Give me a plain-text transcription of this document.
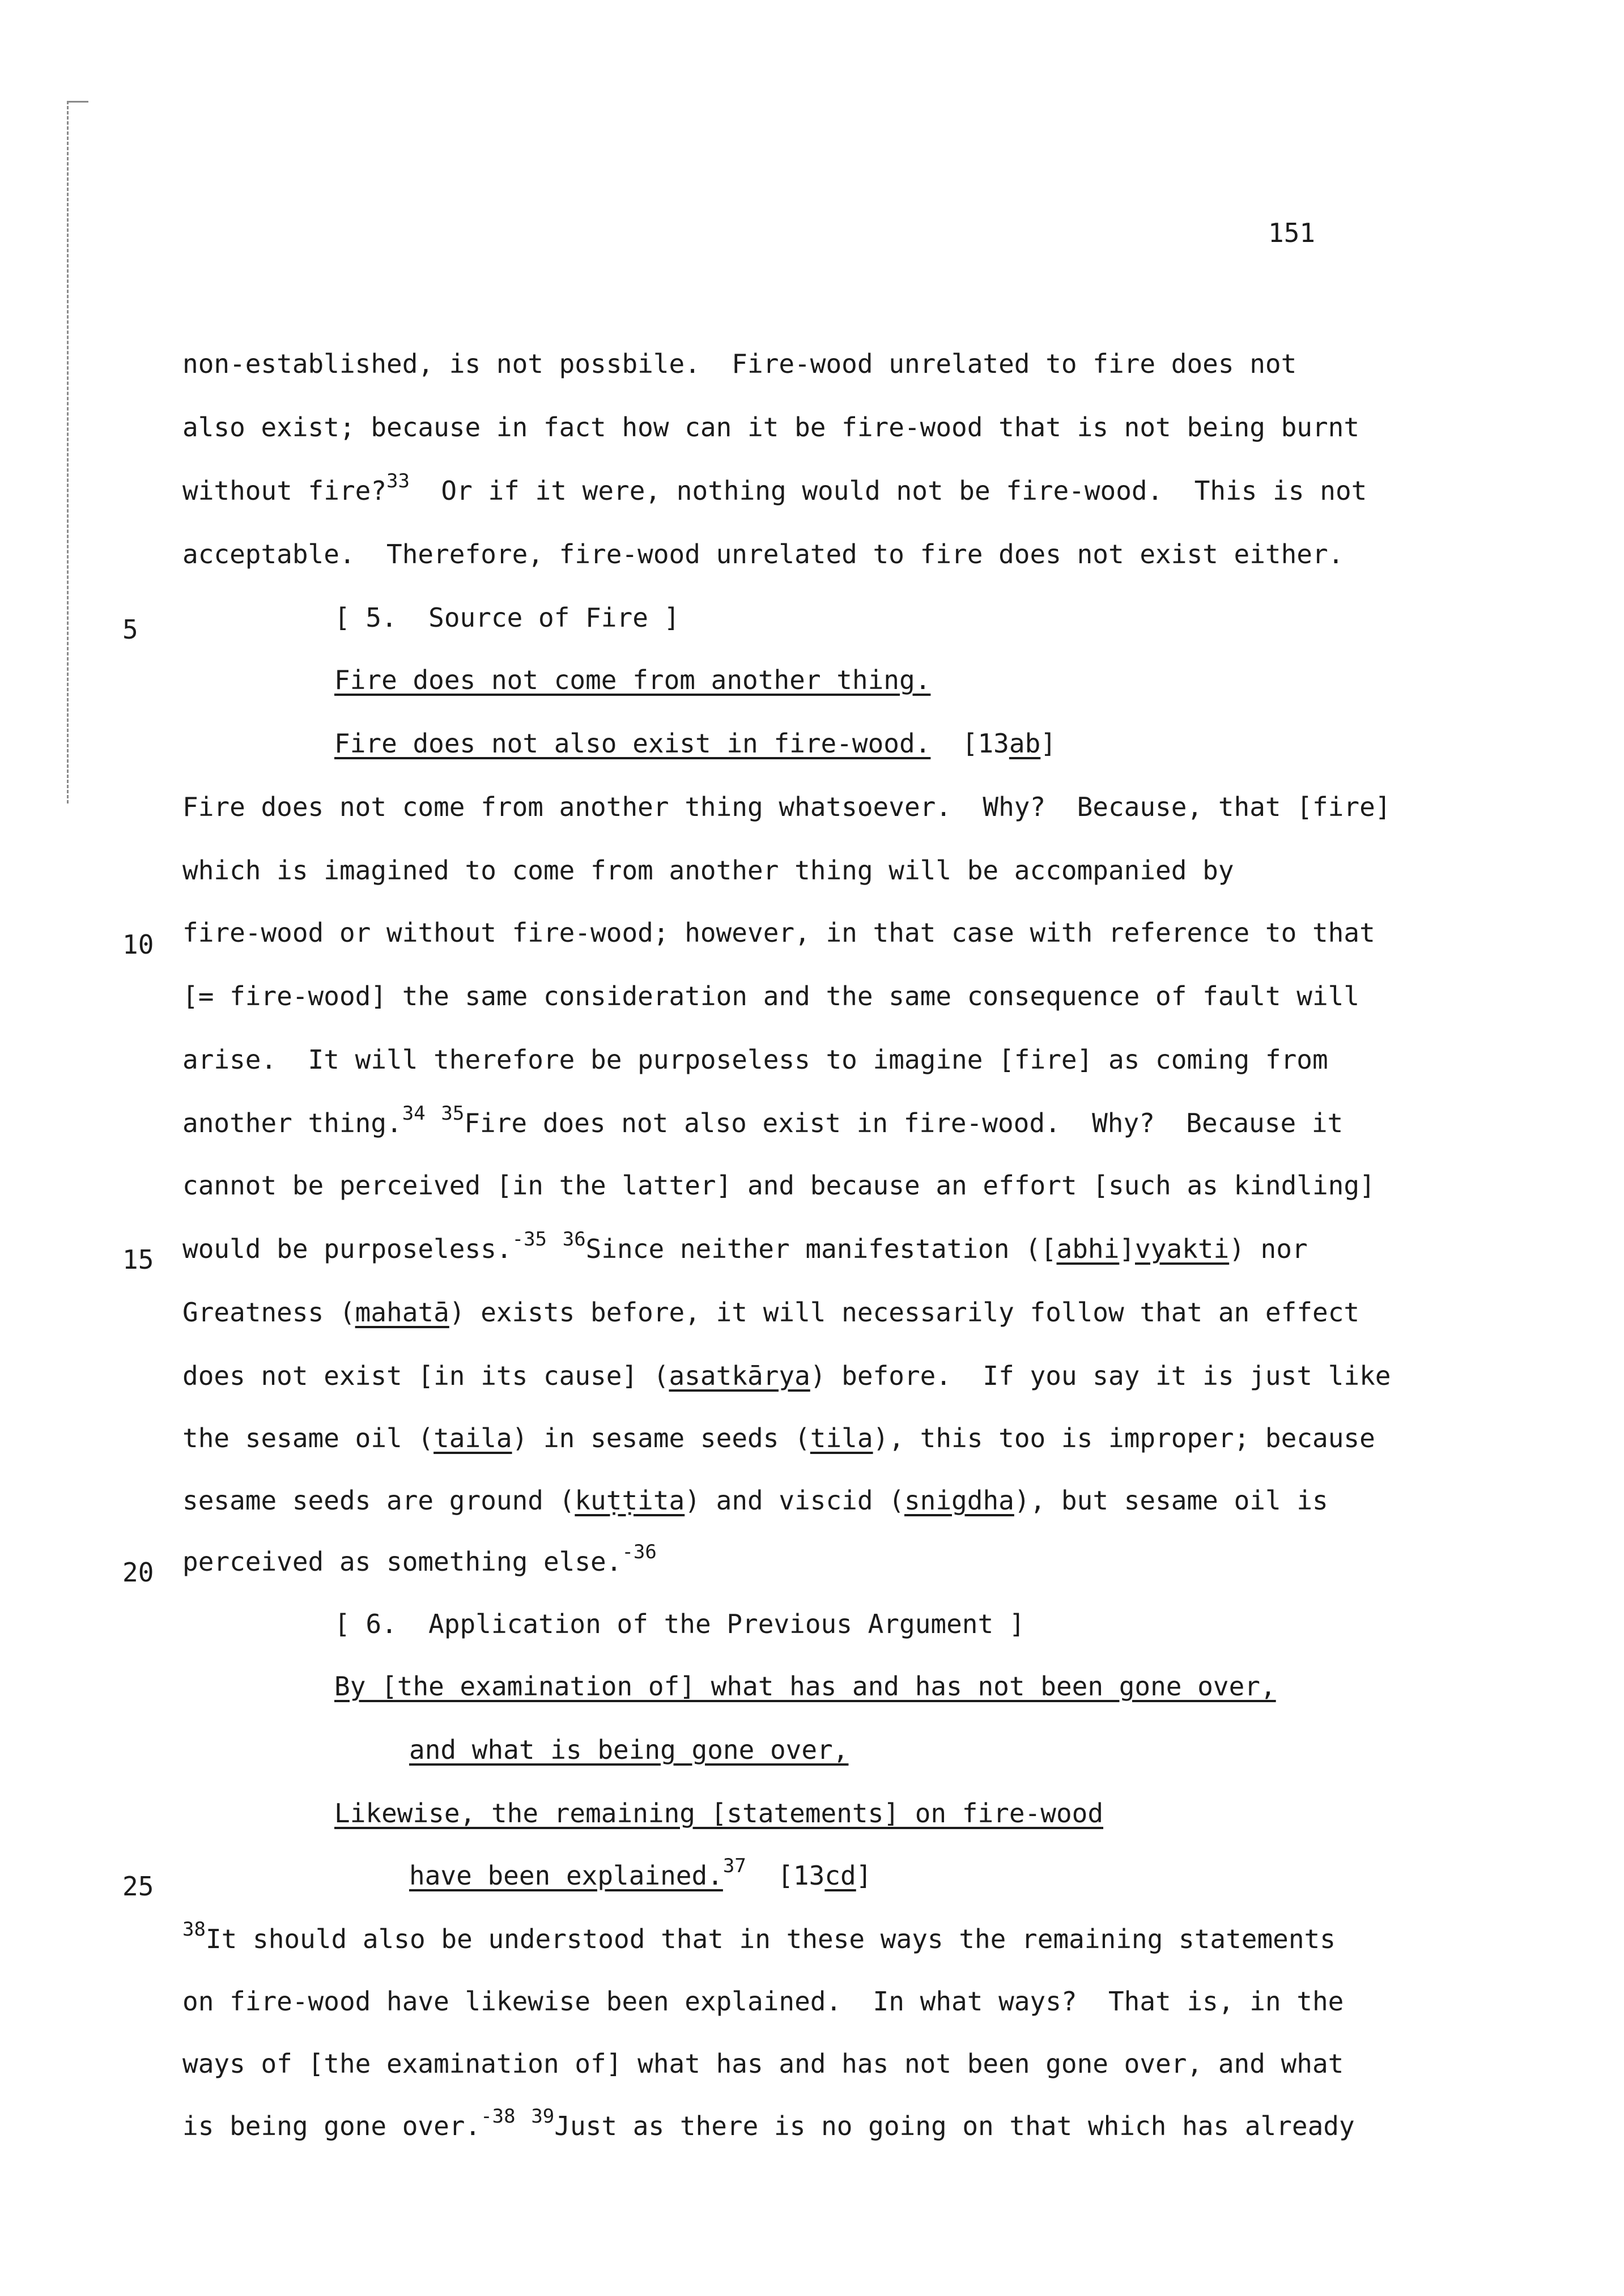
151
5
10
15
20
25
non-established, is not possbile.  Fire-wood unrelated to fire does not
also exist; because in fact how can it be fire-wood that is not being burnt
without fire?$^{33}$  Or if it were, nothing would not be fire-wood.  This is not
acceptable.  Therefore, fire-wood unrelated to fire does not exist either.
[ 5.  Source of Fire ]
Fire does not come from another thing.
Fire does not also exist in fire-wood.  [13ab]
Fire does not come from another thing whatsoever.  Why?  Because, that [fire]
which is imagined to come from another thing will be accompanied by
fire-wood or without fire-wood; however, in that case with reference to that
[= fire-wood] the same consideration and the same consequence of fault will
arise.  It will therefore be purposeless to imagine [fire] as coming from
another thing.$^{34}$ $^{35}$Fire does not also exist in fire-wood.  Why?  Because it
cannot be perceived [in the latter] and because an effort [such as kindling]
would be purposeless.$^{-35}$ $^{36}$Since neither manifestation ([abhi]vyakti) nor
Greatness (mahatā) exists before, it will necessarily follow that an effect
does not exist [in its cause] (asatkārya) before.  If you say it is just like
the sesame oil (taila) in sesame seeds (tila), this too is improper; because
sesame seeds are ground (kuṭṭita) and viscid (snigdha), but sesame oil is
perceived as something else.$^{-36}$
[ 6.  Application of the Previous Argument ]
By [the examination of] what has and has not been gone over,
and what is being gone over,
Likewise, the remaining [statements] on fire-wood
have been explained.$^{37}$  [13cd]
$^{38}$It should also be understood that in these ways the remaining statements
on fire-wood have likewise been explained.  In what ways?  That is, in the
ways of [the examination of] what has and has not been gone over, and what
is being gone over.$^{-38}$ $^{39}$Just as there is no going on that which has already
